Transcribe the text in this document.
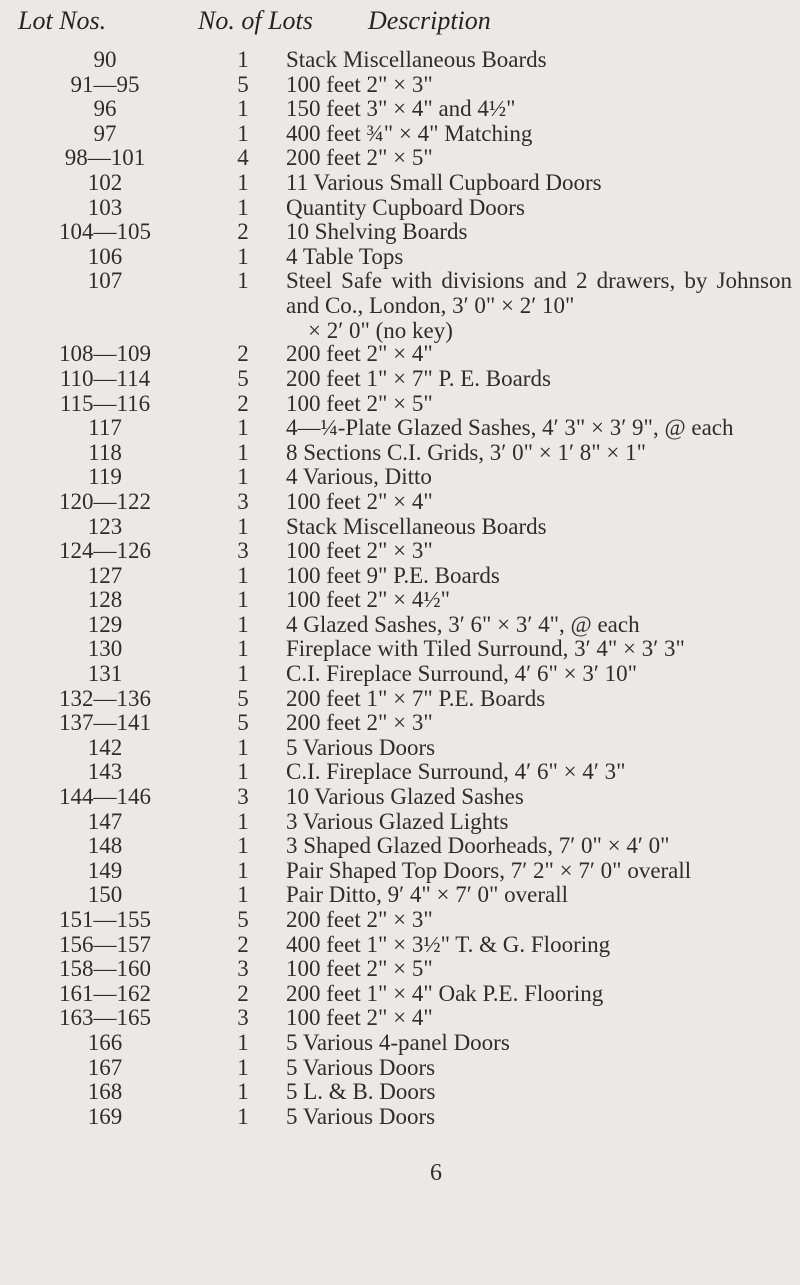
Lot Nos.	No. of Lots Description
90	1	Stack Miscellaneous Boards
91—95	5	100 feet 2" × 3"
96	1	150 feet 3" × 4" and 4½"
97	1	400 feet ¾" × 4" Matching
98—101	4	200 feet 2" × 5"
102	1	11 Various Small Cupboard Doors
103	1	Quantity Cupboard Doors
104—105	2	10 Shelving Boards
106	1	4 Table Tops
107	1	Steel Safe with divisions and 2 drawers, by Johnson and Co., London, 3′ 0" × 2′ 10"
× 2′ 0" (no key)
108—109	2	200 feet 2" × 4"
110—114	5	200 feet 1" × 7" P. E. Boards
115—116	2	100 feet 2" × 5"
117	1	4—¼-Plate Glazed Sashes, 4′ 3" × 3′ 9", @ each
118	1	8 Sections C.I. Grids, 3′ 0" × 1′ 8" × 1"
119	1	4 Various, Ditto
120—122	3	100 feet 2" × 4"
123	1	Stack Miscellaneous Boards
124—126	3	100 feet 2" × 3"
127	1	100 feet 9" P.E. Boards
128	1	100 feet 2" × 4½"
129	1	4 Glazed Sashes, 3′ 6" × 3′ 4", @ each
130	1	Fireplace with Tiled Surround, 3′ 4" × 3′ 3"
131	1	C.I. Fireplace Surround, 4′ 6" × 3′ 10"
132—136	5	200 feet 1" × 7" P.E. Boards
137—141	5	200 feet 2" × 3"
142	1	5 Various Doors
143	1	C.I. Fireplace Surround, 4′ 6" × 4′ 3"
144—146	3	10 Various Glazed Sashes
147	1	3 Various Glazed Lights
148	1	3 Shaped Glazed Doorheads, 7′ 0" × 4′ 0"
149	1	Pair Shaped Top Doors, 7′ 2" × 7′ 0" overall
150	1	Pair Ditto, 9′ 4" × 7′ 0" overall
151—155	5	200 feet 2" × 3"
156—157	2	400 feet 1" × 3½" T. & G. Flooring
158—160	3	100 feet 2" × 5"
161—162	2	200 feet 1" × 4" Oak P.E. Flooring
163—165	3	100 feet 2" × 4"
166	1	5 Various 4-panel Doors
167	1	5 Various Doors
168	1	5 L. & B. Doors
169	1	5 Various Doors
6
